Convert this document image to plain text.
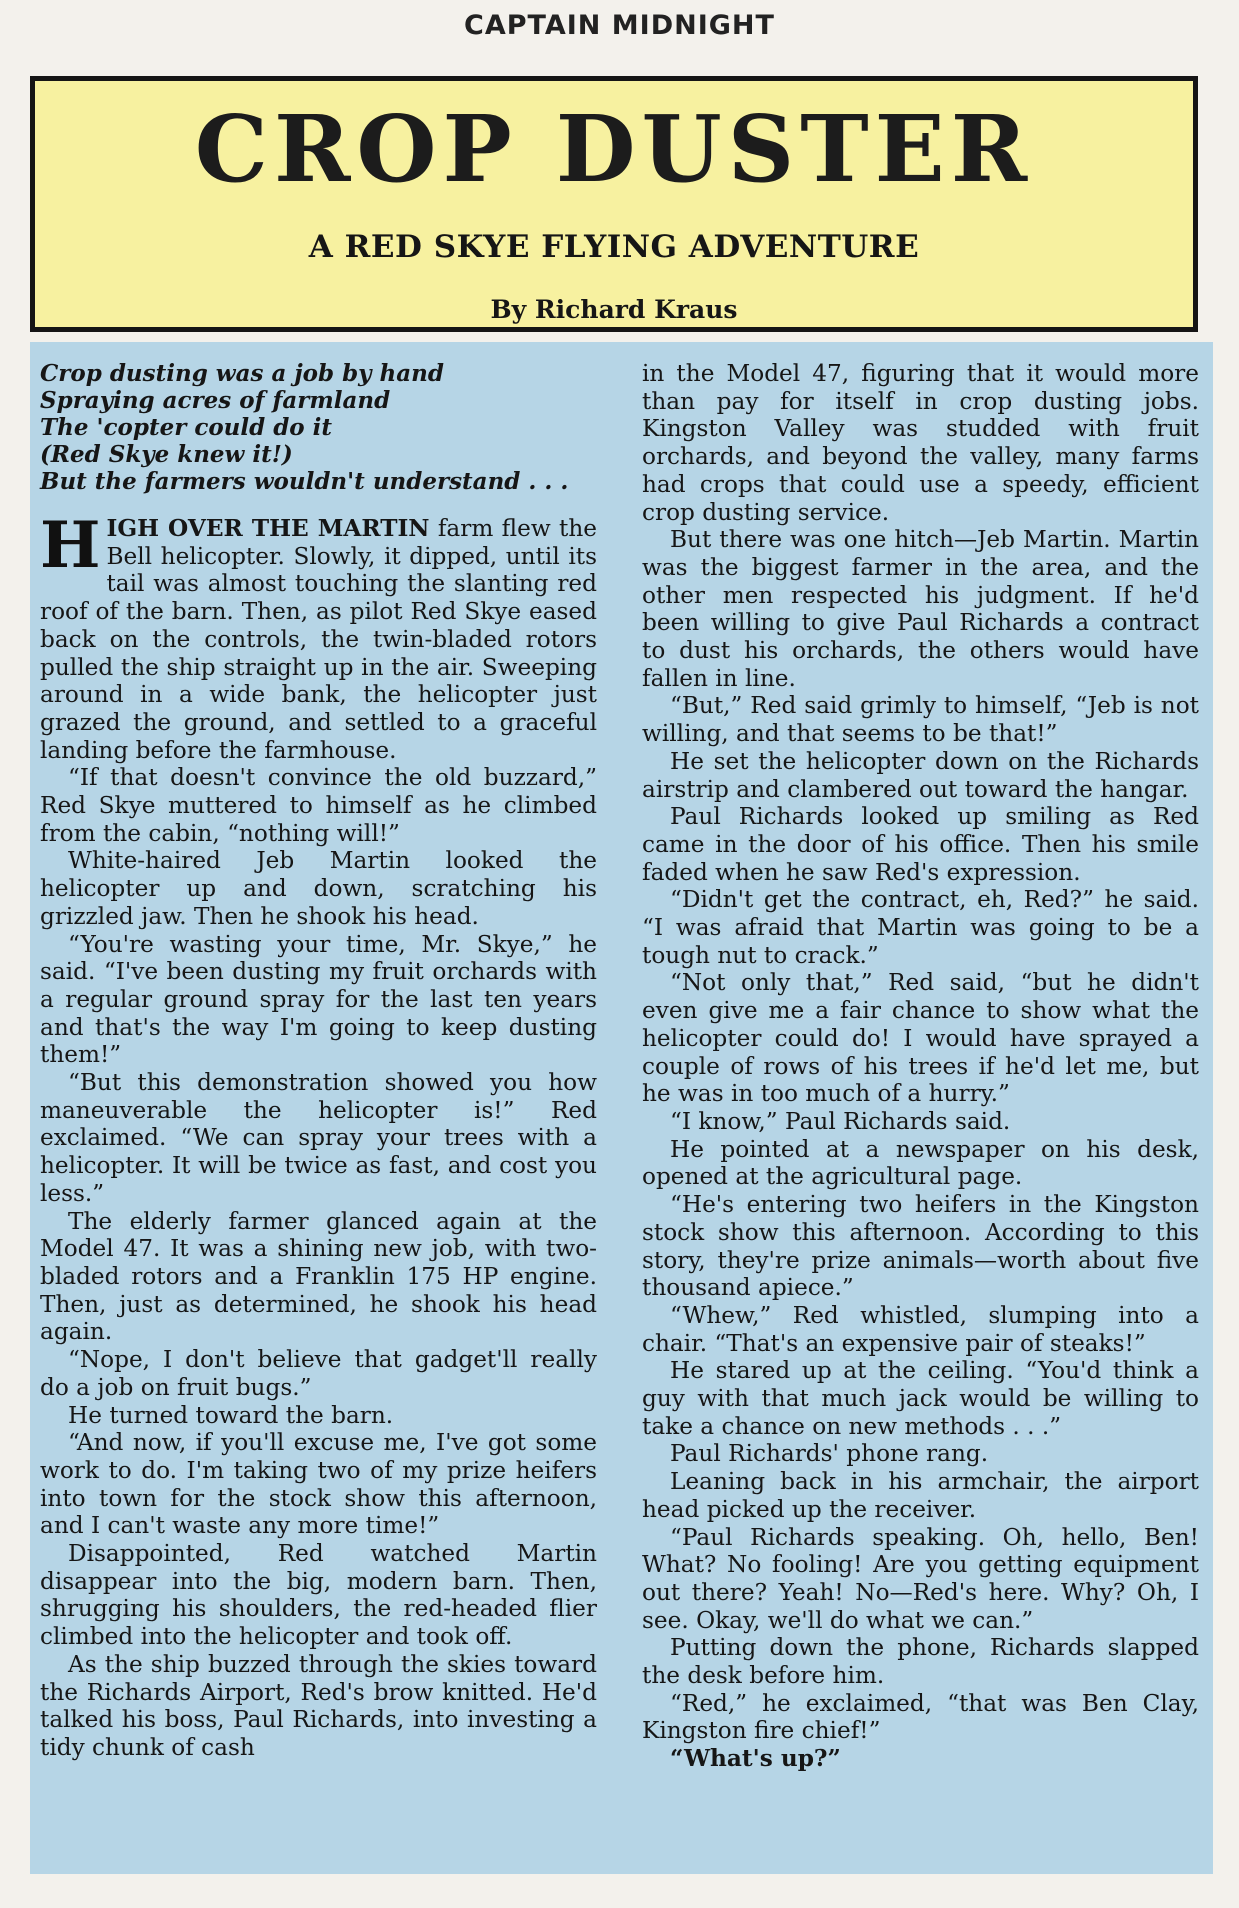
CAPTAIN MIDNIGHT
CROP DUSTER
A RED SKYE FLYING ADVENTURE
By Richard Kraus
Crop dusting was a job by hand
Spraying acres of farmland
The 'copter could do it
(Red Skye knew it!)
But the farmers wouldn't understand . . .

HIGH OVER THE MARTIN farm flew the Bell helicopter. Slowly, it dipped, until its tail was almost touching the slanting red roof of the barn. Then, as pilot Red Skye eased back on the controls, the twin-bladed rotors pulled the ship straight up in the air. Sweeping around in a wide bank, the helicopter just grazed the ground, and settled to a graceful landing before the farmhouse.

“If that doesn't convince the old buzzard,” Red Skye muttered to himself as he climbed from the cabin, “nothing will!”

White-haired Jeb Martin looked the helicopter up and down, scratching his grizzled jaw. Then he shook his head.

“You're wasting your time, Mr. Skye,” he said. “I've been dusting my fruit orchards with a regular ground spray for the last ten years and that's the way I'm going to keep dusting them!”

“But this demonstration showed you how maneuverable the helicopter is!” Red exclaimed. “We can spray your trees with a helicopter. It will be twice as fast, and cost you less.”

The elderly farmer glanced again at the Model 47. It was a shining new job, with two-bladed rotors and a Franklin 175 HP engine. Then, just as determined, he shook his head again.

“Nope, I don't believe that gadget'll really do a job on fruit bugs.”

He turned toward the barn.

“And now, if you'll excuse me, I've got some work to do. I'm taking two of my prize heifers into town for the stock show this afternoon, and I can't waste any more time!”

Disappointed, Red watched Martin disappear into the big, modern barn. Then, shrugging his shoulders, the red-headed flier climbed into the helicopter and took off.

As the ship buzzed through the skies toward the Richards Airport, Red's brow knitted. He'd talked his boss, Paul Richards, into investing a tidy chunk of cash

in the Model 47, figuring that it would more than pay for itself in crop dusting jobs. Kingston Valley was studded with fruit orchards, and beyond the valley, many farms had crops that could use a speedy, efficient crop dusting service.

But there was one hitch—Jeb Martin. Martin was the biggest farmer in the area, and the other men respected his judgment. If he'd been willing to give Paul Richards a contract to dust his orchards, the others would have fallen in line.

“But,” Red said grimly to himself, “Jeb is not willing, and that seems to be that!”

He set the helicopter down on the Richards airstrip and clambered out toward the hangar.

Paul Richards looked up smiling as Red came in the door of his office. Then his smile faded when he saw Red's expression.

“Didn't get the contract, eh, Red?” he said. “I was afraid that Martin was going to be a tough nut to crack.”

“Not only that,” Red said, “but he didn't even give me a fair chance to show what the helicopter could do! I would have sprayed a couple of rows of his trees if he'd let me, but he was in too much of a hurry.”

“I know,” Paul Richards said.

He pointed at a newspaper on his desk, opened at the agricultural page.

“He's entering two heifers in the Kingston stock show this afternoon. According to this story, they're prize animals—worth about five thousand apiece.”

“Whew,” Red whistled, slumping into a chair. “That's an expensive pair of steaks!”

He stared up at the ceiling. “You'd think a guy with that much jack would be willing to take a chance on new methods . . .”

Paul Richards' phone rang.

Leaning back in his armchair, the airport head picked up the receiver.

“Paul Richards speaking. Oh, hello, Ben! What? No fooling! Are you getting equipment out there? Yeah! No—Red's here. Why? Oh, I see. Okay, we'll do what we can.”

Putting down the phone, Richards slapped the desk before him.

“Red,” he exclaimed, “that was Ben Clay, Kingston fire chief!”

“What's up?”
